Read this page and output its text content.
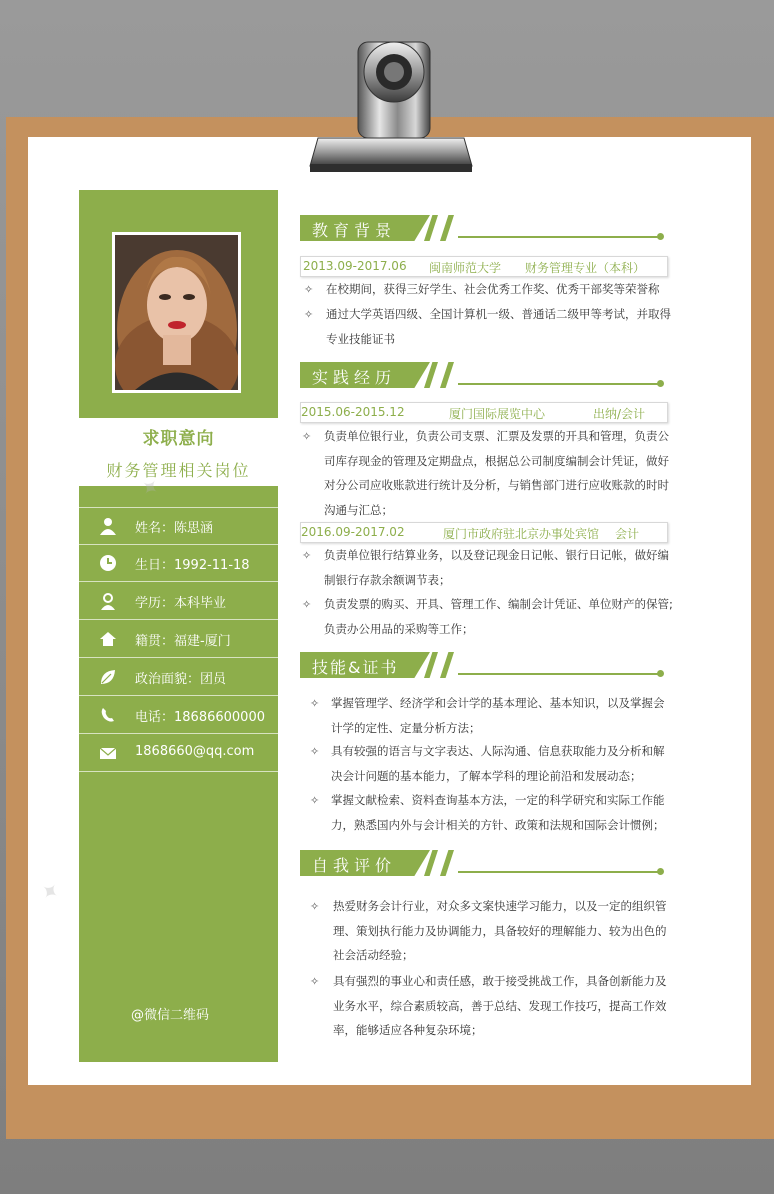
求职意向
财务管理相关岗位
姓名：陈思涵
生日：1992-11-18
学历：本科毕业
籍贯：福建-厦门
政治面貌：团员
电话：18686600000
1868660@qq.com
@微信二维码
✦
✦
教育背景
2013.09-2017.06 闽南师范大学 财务管理专业（本科）
✧ 在校期间，获得三好学生、社会优秀工作奖、优秀干部奖等荣誉称
✧ 通过大学英语四级、全国计算机一级、普通话二级甲等考试，并取得
专业技能证书
实践经历
2015.06-2015.12	厦门国际展览中心	出纳/会计
✧ 负责单位银行业，负责公司支票、汇票及发票的开具和管理，负责公
司库存现金的管理及定期盘点，根据总公司制度编制会计凭证，做好
对分公司应收账款进行统计及分析，与销售部门进行应收账款的时时
沟通与汇总；
2016.09-2017.02	厦门市政府驻北京办事处宾馆 会计
✧ 负责单位银行结算业务，以及登记现金日记帐、银行日记帐，做好编
制银行存款余额调节表；
✧ 负责发票的购买、开具、管理工作、编制会计凭证、单位财产的保管;
负责办公用品的采购等工作；
技能&证书
✧ 掌握管理学、经济学和会计学的基本理论、基本知识，以及掌握会
计学的定性、定量分析方法；
✧ 具有较强的语言与文字表达、人际沟通、信息获取能力及分析和解
决会计问题的基本能力，了解本学科的理论前沿和发展动态；
✧ 掌握文献检索、资料查询基本方法，一定的科学研究和实际工作能
力，熟悉国内外与会计相关的方针、政策和法规和国际会计惯例；
自我评价
✧ 热爱财务会计行业，对众多文案快速学习能力，以及一定的组织管
理、策划执行能力及协调能力，具备较好的理解能力、较为出色的
社会活动经验；
✧ 具有强烈的事业心和责任感，敢于接受挑战工作，具备创新能力及
业务水平，综合素质较高，善于总结、发现工作技巧，提高工作效
率，能够适应各种复杂环境；
